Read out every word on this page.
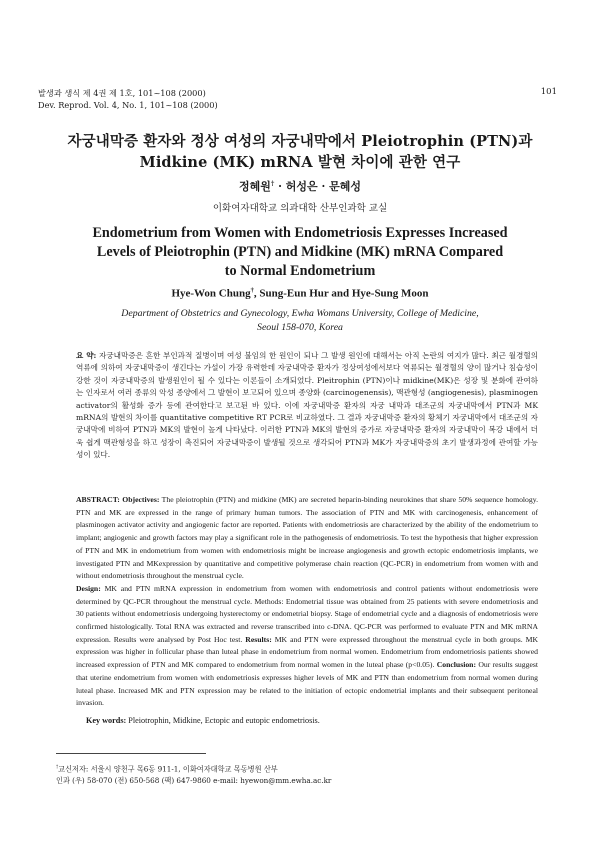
발생과 생식 제 4권 제 1호, 101~108 (2000)
Dev. Reprod. Vol. 4, No. 1, 101~108 (2000)
101
자궁내막증 환자와 정상 여성의 자궁내막에서 Pleiotrophin (PTN)과
Midkine (MK) mRNA 발현 차이에 관한 연구
정혜원† · 허성은 · 문혜성
이화여자대학교 의과대학 산부인과학 교실
Endometrium from Women with Endometriosis Expresses Increased
Levels of Pleiotrophin (PTN) and Midkine (MK) mRNA Compared
to Normal Endometrium
Hye-Won Chung†, Sung-Eun Hur and Hye-Sung Moon
Department of Obstetrics and Gynecology, Ewha Womans University, College of Medicine,
Seoul 158-070, Korea
요 약: 자궁내막증은 흔한 부인과적 질병이며 여성 불임의 한 원인이 되나 그 발생 원인에 대해서는 아직 논란의 여지가 많다. 최근 월경혈의 역류에 의하여 자궁내막증이 생긴다는 가설이 가장 유력한데 자궁내막증 환자가 정상여성에서보다 역류되는 월경혈의 양이 많거나 침습성이 강한 것이 자궁내막증의 발생원인이 될 수 있다는 이론들이 소개되었다. Pleitrophin (PTN)이나 midkine(MK)은 성장 및 분화에 관여하는 인자로서 여러 종류의 악성 종양에서 그 발현이 보고되어 있으며 종양화 (carcinogenensis), 맥관형성 (angiogenesis), plasminogen activator의 활성화 증가 등에 관여한다고 보고된 바 있다. 이에 자궁내막증 환자의 자궁 내막과 대조군의 자궁내막에서 PTN과 MK mRNA의 발현의 차이를 quantitative competitive RT PCR로 비교하였다. 그 결과 자궁내막증 환자의 황체기 자궁내막에서 대조군의 자궁내막에 비하여 PTN과 MK의 발현이 높게 나타났다. 이러한 PTN과 MK의 발현의 증가로 자궁내막증 환자의 자궁내막이 복강 내에서 더욱 쉽게 맥관형성을 하고 성장이 촉진되어 자궁내막증이 발생될 것으로 생각되어 PTN과 MK가 자궁내막증의 초기 발생과정에 관여할 가능성이 있다.
ABSTRACT: Objectives: The pleiotrophin (PTN) and midkine (MK) are secreted heparin-binding neurokines that share 50% sequence homology. PTN and MK are expressed in the range of primary human tumors. The association of PTN and MK with carcinogenesis, enhancement of plasminogen activator activity and angiogenic factor are reported. Patients with endometriosis are characterized by the ability of the endometrium to implant; angiogenic and growth factors may play a significant role in the pathogenesis of endometriosis. To test the hypothesis that higher expression of PTN and MK in endometrium from women with endometriosis might be increase angiogenesis and growth ectopic endometriosis implants, we investigated PTN and MKexpression by quantitative and competitive polymerase chain reaction (QC-PCR) in endometrium from women with and without endometriosis throughout the menstrual cycle.
Design: MK and PTN mRNA expression in endometrium from women with endometriosis and control patients without endometriosis were determined by QC-PCR throughout the menstrual cycle. Methods: Endometrial tissue was obtained from 25 patients with severe endometriosis and 30 patients without endometriosis undergoing hysterectomy or endometrial biopsy. Stage of endometrial cycle and a diagnosis of endometriosis were confirmed histologically. Total RNA was extracted and reverse transcribed into c-DNA. QC-PCR was performed to evaluate PTN and MK mRNA expression. Results were analysed by Post Hoc test. Results: MK and PTN were expressed throughout the menstrual cycle in both groups. MK expression was higher in follicular phase than luteal phase in endometrium from normal women. Endometrium from endometriosis patients showed increased expression of PTN and MK compared to endometrium from normal women in the luteal phase (p<0.05). Conclusion: Our results suggest that uterine endometrium from women with endometriosis expresses higher levels of MK and PTN than endometrium from normal women during luteal phase. Increased MK and PTN expression may be related to the initiation of ectopic endometrial implants and their subsequent peritoneal invasion.
Key words: Pleiotrophin, Midkine, Ectopic and eutopic endometriosis.
†교신저자: 서울시 양천구 목6동 911-1, 이화여자대학교 목동병원 산부
인과 (우) 58-070 (전) 650-568 (팩) 647-9860 e-mail: hyewon@mm.ewha.ac.kr
